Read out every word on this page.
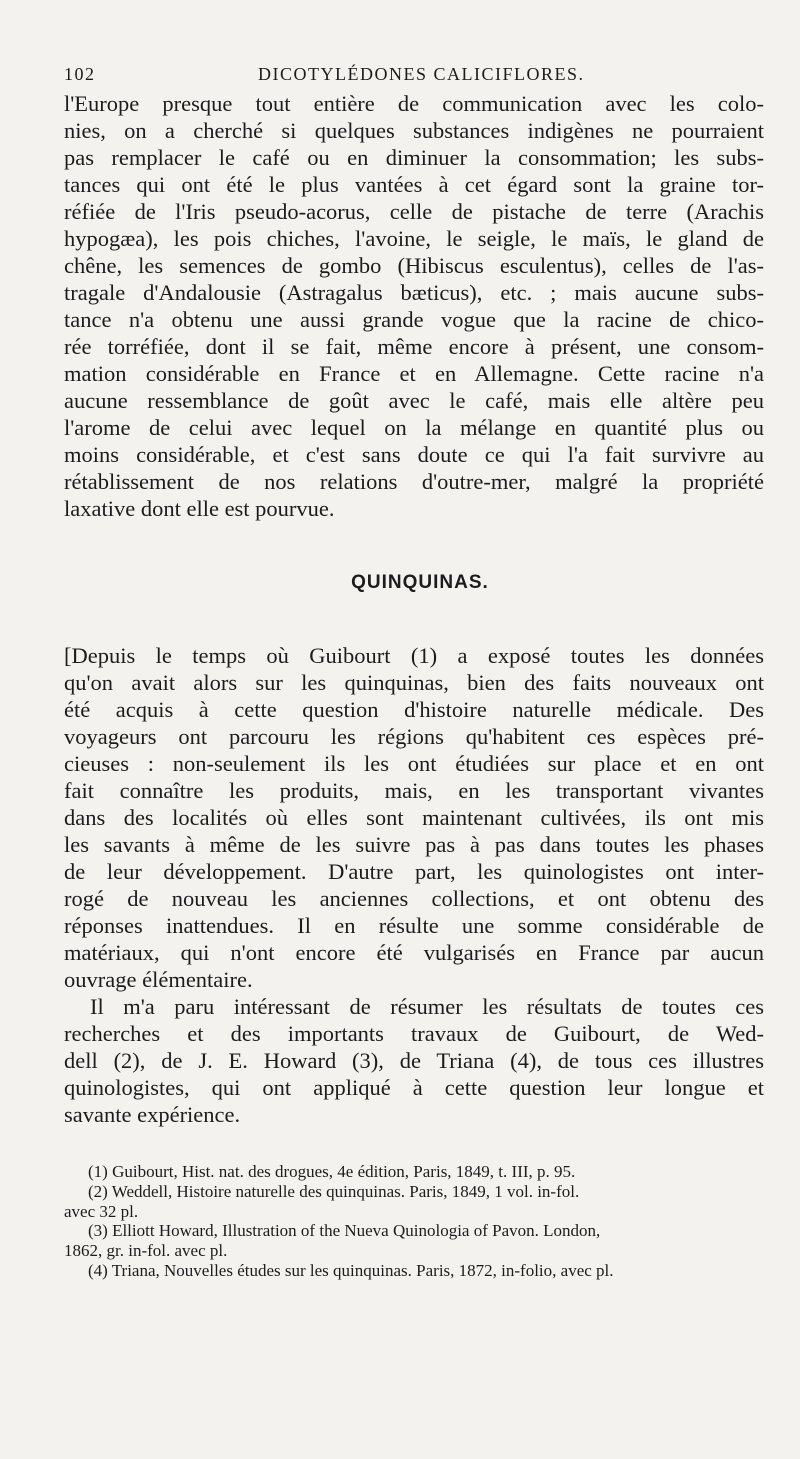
102	DICOTYLÉDONES CALICIFLORES.
l'Europe presque tout entière de communication avec les colo-
nies, on a cherché si quelques substances indigènes ne pourraient
pas remplacer le café ou en diminuer la consommation; les subs-
tances qui ont été le plus vantées à cet égard sont la graine tor-
réfiée de l'Iris pseudo-acorus, celle de pistache de terre (Arachis
hypogæa), les pois chiches, l'avoine, le seigle, le maïs, le gland de
chêne, les semences de gombo (Hibiscus esculentus), celles de l'as-
tragale d'Andalousie (Astragalus bæticus), etc. ; mais aucune subs-
tance n'a obtenu une aussi grande vogue que la racine de chico-
rée torréfiée, dont il se fait, même encore à présent, une consom-
mation considérable en France et en Allemagne. Cette racine n'a
aucune ressemblance de goût avec le café, mais elle altère peu
l'arome de celui avec lequel on la mélange en quantité plus ou
moins considérable, et c'est sans doute ce qui l'a fait survivre au
rétablissement de nos relations d'outre-mer, malgré la propriété
laxative dont elle est pourvue.
QUINQUINAS.
[Depuis le temps où Guibourt (1) a exposé toutes les données
qu'on avait alors sur les quinquinas, bien des faits nouveaux ont
été acquis à cette question d'histoire naturelle médicale. Des
voyageurs ont parcouru les régions qu'habitent ces espèces pré-
cieuses : non-seulement ils les ont étudiées sur place et en ont
fait connaître les produits, mais, en les transportant vivantes
dans des localités où elles sont maintenant cultivées, ils ont mis
les savants à même de les suivre pas à pas dans toutes les phases
de leur développement. D'autre part, les quinologistes ont inter-
rogé de nouveau les anciennes collections, et ont obtenu des
réponses inattendues. Il en résulte une somme considérable de
matériaux, qui n'ont encore été vulgarisés en France par aucun
ouvrage élémentaire.
Il m'a paru intéressant de résumer les résultats de toutes ces
recherches et des importants travaux de Guibourt, de Wed-
dell (2), de J. E. Howard (3), de Triana (4), de tous ces illustres
quinologistes, qui ont appliqué à cette question leur longue et
savante expérience.
(1) Guibourt, Hist. nat. des drogues, 4e édition, Paris, 1849, t. III, p. 95.
(2) Weddell, Histoire naturelle des quinquinas. Paris, 1849, 1 vol. in-fol.
avec 32 pl.
(3) Elliott Howard, Illustration of the Nueva Quinologia of Pavon. London,
1862, gr. in-fol. avec pl.
(4) Triana, Nouvelles études sur les quinquinas. Paris, 1872, in-folio, avec pl.
